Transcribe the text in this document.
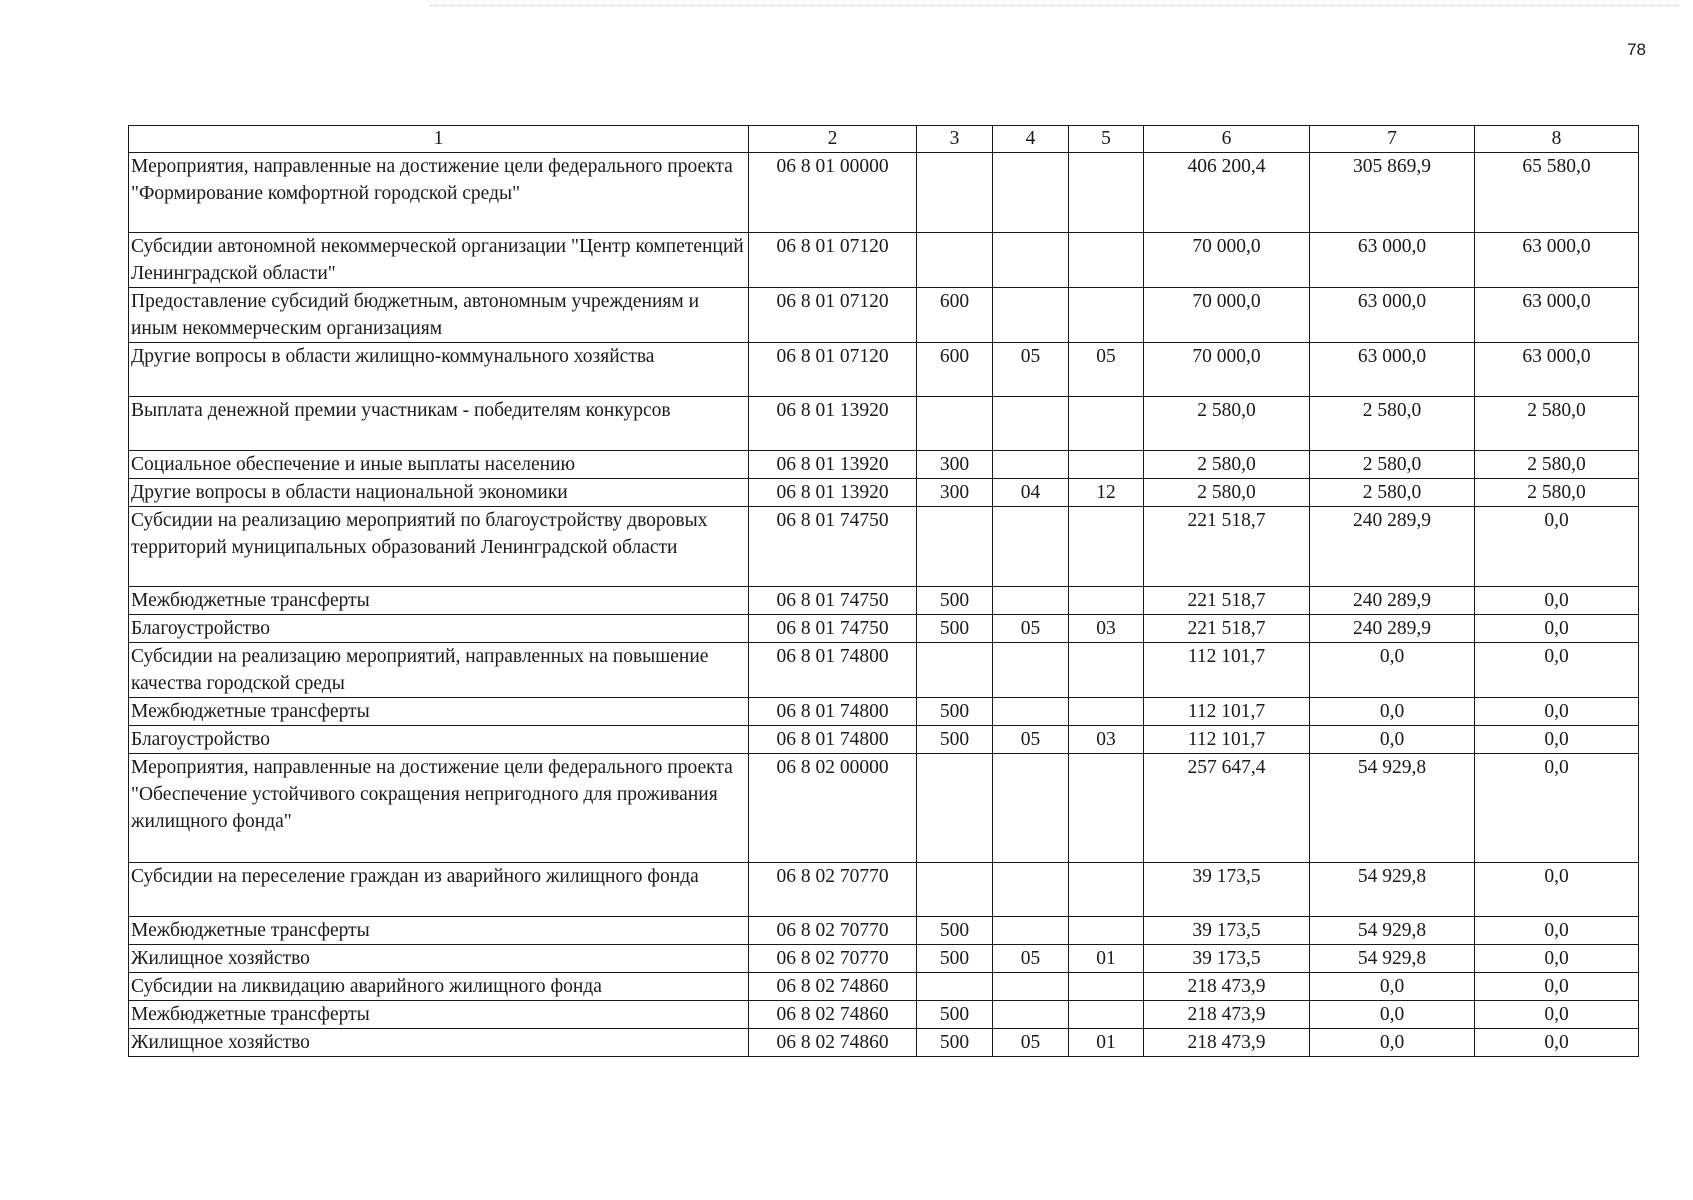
78
1	2	3	4	5	6	7	8
Мероприятия, направленные на достижение цели федерального проекта "Формирование комфортной городской среды"	06 8 01 00000				406 200,4	305 869,9	65 580,0
Субсидии автономной некоммерческой организации "Центр компетенций Ленинградской области"	06 8 01 07120				70 000,0	63 000,0	63 000,0
Предоставление субсидий бюджетным, автономным учреждениям и иным некоммерческим организациям	06 8 01 07120	600			70 000,0	63 000,0	63 000,0
Другие вопросы в области жилищно-коммунального хозяйства	06 8 01 07120	600	05	05	70 000,0	63 000,0	63 000,0
Выплата денежной премии участникам - победителям конкурсов	06 8 01 13920				2 580,0	2 580,0	2 580,0
Социальное обеспечение и иные выплаты населению	06 8 01 13920	300			2 580,0	2 580,0	2 580,0
Другие вопросы в области национальной экономики	06 8 01 13920	300	04	12	2 580,0	2 580,0	2 580,0
Субсидии на реализацию мероприятий по благоустройству дворовых территорий муниципальных образований Ленинградской области	06 8 01 74750				221 518,7	240 289,9	0,0
Межбюджетные трансферты	06 8 01 74750	500			221 518,7	240 289,9	0,0
Благоустройство	06 8 01 74750	500	05	03	221 518,7	240 289,9	0,0
Субсидии на реализацию мероприятий, направленных на повышение качества городской среды	06 8 01 74800				112 101,7	0,0	0,0
Межбюджетные трансферты	06 8 01 74800	500			112 101,7	0,0	0,0
Благоустройство	06 8 01 74800	500	05	03	112 101,7	0,0	0,0
Мероприятия, направленные на достижение цели федерального проекта "Обеспечение устойчивого сокращения непригодного для проживания жилищного фонда"	06 8 02 00000				257 647,4	54 929,8	0,0
Субсидии на переселение граждан из аварийного жилищного фонда	06 8 02 70770				39 173,5	54 929,8	0,0
Межбюджетные трансферты	06 8 02 70770	500			39 173,5	54 929,8	0,0
Жилищное хозяйство	06 8 02 70770	500	05	01	39 173,5	54 929,8	0,0
Субсидии на ликвидацию аварийного жилищного фонда	06 8 02 74860				218 473,9	0,0	0,0
Межбюджетные трансферты	06 8 02 74860	500			218 473,9	0,0	0,0
Жилищное хозяйство	06 8 02 74860	500	05	01	218 473,9	0,0	0,0
